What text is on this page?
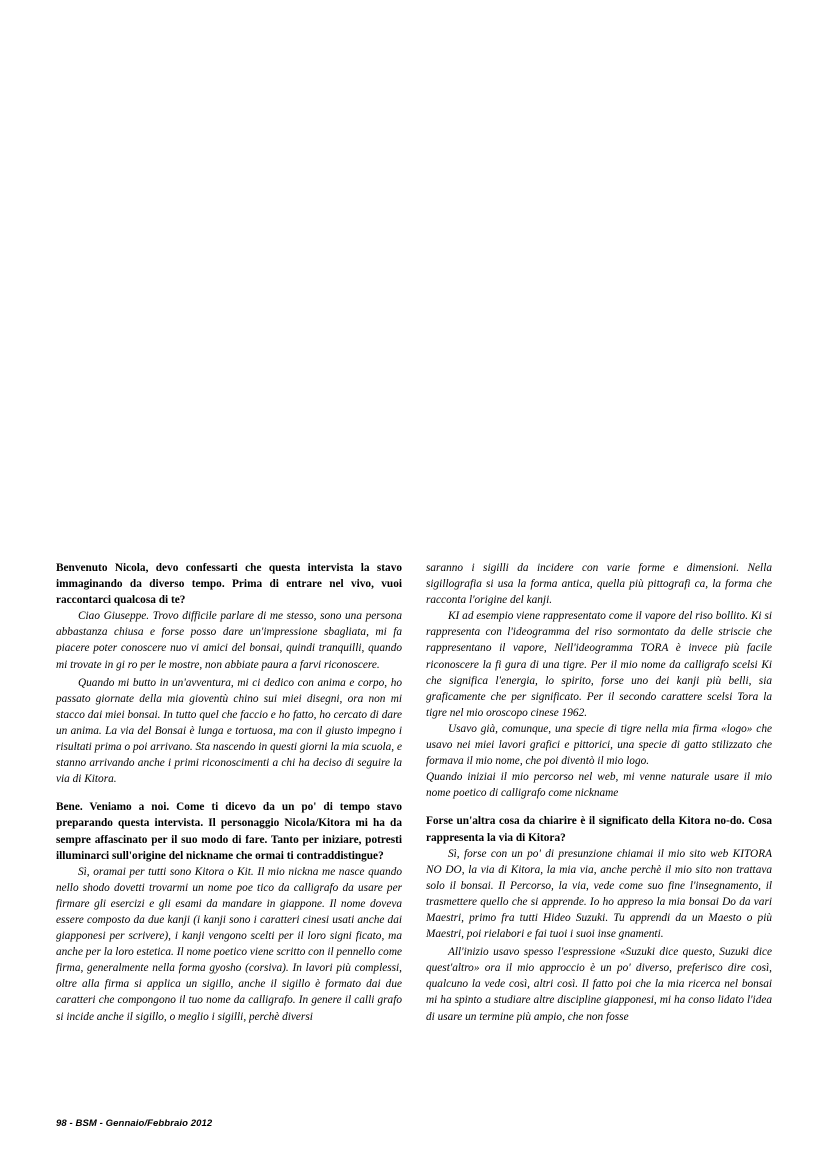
Benvenuto Nicola, devo confessarti che questa intervista la stavo immaginando da diverso tempo. Prima di entrare nel vivo, vuoi raccontarci qualcosa di te?

Ciao Giuseppe. Trovo difficile parlare di me stesso, sono una persona abbastanza chiusa e forse posso dare un'impressione sbagliata, mi fa piacere poter conoscere nuo vi amici del bonsai, quindi tranquilli, quando mi trovate in gi ro per le mostre, non abbiate paura a farvi riconoscere.

Quando mi butto in un'avventura, mi ci dedico con anima e corpo, ho passato giornate della mia gioventù chino sui miei disegni, ora non mi stacco dai miei bonsai. In tutto quel che faccio e ho fatto, ho cercato di dare un anima. La via del Bonsai è lunga e tortuosa, ma con il giusto impegno i risultati prima o poi arrivano. Sta nascendo in questi giorni la mia scuola, e stanno arrivando anche i primi riconoscimenti a chi ha deciso di seguire la via di Kitora.

Bene. Veniamo a noi. Come ti dicevo da un po' di tempo stavo preparando questa intervista. Il personaggio Nicola/Kitora mi ha da sempre affascinato per il suo modo di fare. Tanto per iniziare, potresti illuminarci sull'origine del nickname che ormai ti contraddistingue?

Sì, oramai per tutti sono Kitora o Kit. Il mio nickna me nasce quando nello shodo dovetti trovarmi un nome poe tico da calligrafo da usare per firmare gli esercizi e gli esami da mandare in giappone. Il nome doveva essere composto da due kanji (i kanji sono i caratteri cinesi usati anche dai giapponesi per scrivere), i kanji vengono scelti per il loro signi ficato, ma anche per la loro estetica. Il nome poetico viene scritto con il pennello come firma, generalmente nella forma gyosho (corsiva). In lavori più complessi, oltre alla firma si applica un sigillo, anche il sigillo è formato dai due caratteri che compongono il tuo nome da calligrafo. In genere il calli grafo si incide anche il sigillo, o meglio i sigilli, perchè diversi

saranno i sigilli da incidere con varie forme e dimensioni. Nella sigillografia si usa la forma antica, quella più pittografi ca, la forma che racconta l'origine del kanji.

KI ad esempio viene rappresentato come il vapore del riso bollito. Ki si rappresenta con l'ideogramma del riso sormontato da delle striscie che rappresentano il vapore, Nell'ideogramma TORA è invece più facile riconoscere la fi gura di una tigre. Per il mio nome da calligrafo scelsi Ki che significa l'energia, lo spirito, forse uno dei kanji più belli, sia graficamente che per significato. Per il secondo carattere scelsi Tora la tigre nel mio oroscopo cinese 1962.

Usavo già, comunque, una specie di tigre nella mia firma «logo» che usavo nei miei lavori grafici e pittorici, una specie di gatto stilizzato che formava il mio nome, che poi diventò il mio logo.

Quando iniziai il mio percorso nel web, mi venne naturale usare il mio nome poetico di calligrafo come nickname

Forse un'altra cosa da chiarire è il significato della Kitora no-do. Cosa rappresenta la via di Kitora?

Sì, forse con un po' di presunzione chiamai il mio sito web KITORA NO DO, la via di Kitora, la mia via, anche perchè il mio sito non trattava solo il bonsai. Il Percorso, la via, vede come suo fine l'insegnamento, il trasmettere quello che si apprende. Io ho appreso la mia bonsai Do da vari Maestri, primo fra tutti Hideo Suzuki. Tu apprendi da un Maesto o più Maestri, poi rielabori e fai tuoi i suoi inse gnamenti.

All'inizio usavo spesso l'espressione «Suzuki dice questo, Suzuki dice quest'altro» ora il mio approccio è un po' diverso, preferisco dire così, qualcuno la vede così, altri così. Il fatto poi che la mia ricerca nel bonsai mi ha spinto a studiare altre discipline giapponesi, mi ha conso lidato l'idea di usare un termine più ampio, che non fosse

98 - BSM - Gennaio/Febbraio 2012
